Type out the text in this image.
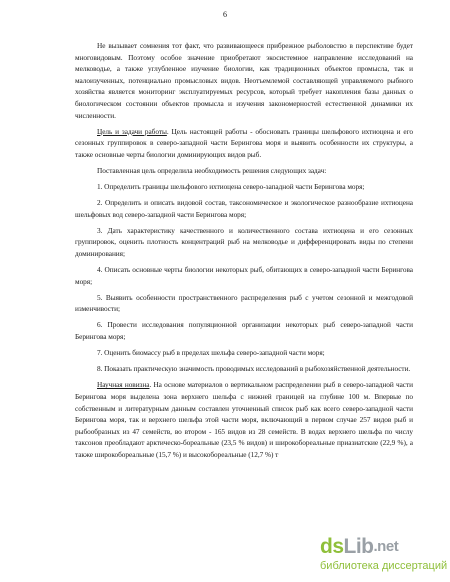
6

Не вызывает сомнения тот факт, что развивающееся прибрежное рыболовство в перспективе будет многовидовым. Поэтому особое значение приобретают экосистемное направление исследований на мелководье, а также углубленное изучение биологии, как традиционных объектов промысла, так и малоизученных, потенциально промысловых видов. Неотъемлемой составляющей управляемого рыбного хозяйства является мониторинг эксплуатируемых ресурсов, который требует накопления базы данных о биологическом состоянии объектов промысла и изучения закономерностей естественной динамики их численности.

Цель и задачи работы. Цель настоящей работы - обосновать границы шельфового ихтиоцена и его сезонных группировок в северо-западной части Берингова моря и выявить особенности их структуры, а также основные черты биологии доминирующих видов рыб.

Поставленная цель определила необходимость решения следующих задач:

1. Определить границы шельфового ихтиоцена северо-западной части Берингова моря;

2. Определить и описать видовой состав, таксономическое и экологическое разнообразие ихтиоцена шельфовых вод северо-западной части Берингова моря;

3. Дать характеристику качественного и количественного состава ихтиоцена и его сезонных группировок, оценить плотность концентраций рыб на мелководье и дифференцировать виды по степени доминирования;

4. Описать основные черты биологии некоторых рыб, обитающих в северо-западной части Берингова моря;

5. Выявить особенности пространственного распределения рыб с учетом сезонной и межгодовой изменчивости;

6. Провести исследования популяционной организации некоторых рыб северо-западной части Берингова моря;

7. Оценить биомассу рыб в пределах шельфа северо-западной части моря;

8. Показать практическую значимость проводимых исследований в рыбохозяйственной деятельности.

Научная новизна. На основе материалов о вертикальном распределении рыб в северо-западной части Берингова моря выделена зона верхнего шельфа с нижней границей на глубине 100 м. Впервые по собственным и литературным данным составлен уточненный список рыб как всего северо-западной части Берингова моря, так и верхнего шельфа этой части моря, включающий в первом случае 257 видов рыб и рыбообразных из 47 семейств, во втором - 165 видов из 28 семейств. В водах верхнего шельфа по числу таксонов преобладают арктическо-бореальные (23,5 % видов) и широкобореальные приазиатские (22,9 %), а также широкобореальные (15,7 %) и высокобореальные (12,7 %) т

ds Lib .net
библиотека диссертаций
